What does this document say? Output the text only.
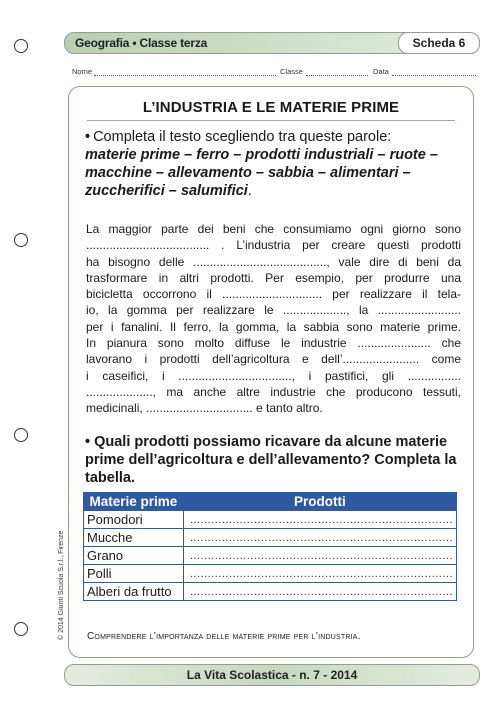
Geografia • Classe terza	Scheda 6
Nome	Classe	Data
L’INDUSTRIA E LE MATERIE PRIME
• Completa il testo scegliendo tra queste parole:
materie prime – ferro – prodotti industriali – ruote – macchine – allevamento – sabbia – alimentari – zuccherifici – salumifici.
La maggior parte dei beni che consumiamo ogni giorno sono
..................................... . L’industria per creare questi prodotti
ha bisogno delle ........................................, vale dire di beni da
trasformare in altri prodotti. Per esempio, per produrre una
bicicletta occorrono il .............................. per realizzare il tela-
io, la gomma per realizzare le ..................., la .........................
per i fanalini. Il ferro, la gomma, la sabbia sono materie prime.
In pianura sono molto diffuse le industrie ...................... che
lavorano i prodotti dell’agricoltura e dell’....................... come
i caseifici, i .................................., i pastifici, gli ................
...................., ma anche altre industrie che producono tessuti,
medicinali, ................................ e tanto altro.
• Quali prodotti possiamo ricavare da alcune materie prime dell’agricoltura e dell’allevamento? Completa la tabella.
Materie prime	Prodotti
Pomodori	..........................................................................
Mucche	..........................................................................
Grano	..........................................................................
Polli	..........................................................................
Alberi da frutto	..........................................................................
Comprendere l’importanza delle materie prime per l’industria.
© 2014 Giunti Scuola S.r.l., Firenze
La Vita Scolastica - n. 7 - 2014
